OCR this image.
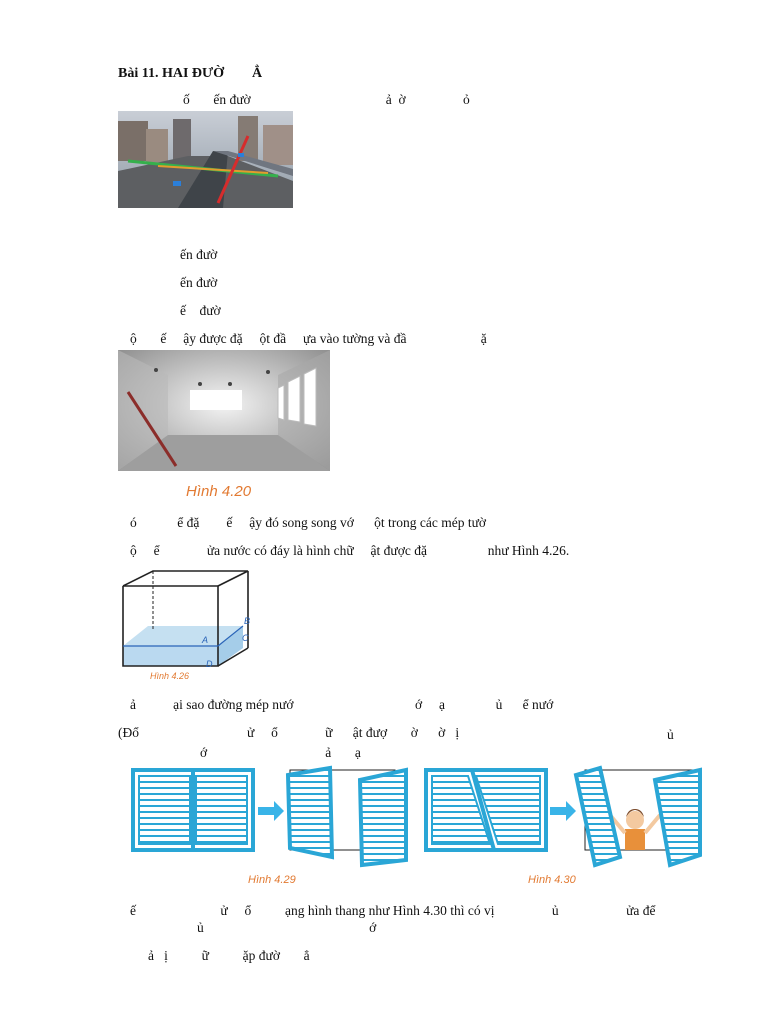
Bài 11. HAI ĐƯỜ        Ẳ
ố       ến đườ                                        ả  ờ                 ỏ
ến đườ
ến đườ
ế    đườ
ộ       ế     ậy được đặ     ột đầ     ựa vào tường và đầ                      ặ
Hình 4.20
ó            ể đặ        ế     ậy đó song song vớ      ột trong các mép tườ
ộ     ể              ửa nước có đáy là hình chữ     ật được đặ                  như Hình 4.26.
B
C
A
D
Hình 4.26
ả           ại sao đường mép nướ                                    ớ     ạ               ủ      ể nướ
(Đổ                                ử     ổ              ữ      ật đượ       ờ      ờ   ị	ủ
ớ                                   ả       ạ
Hình 4.29	Hình 4.30
ế                         ử     ổ          ạng hình thang như Hình 4.30 thì có vị                 ủ                    ửa để
ủ                                                 ớ
ả   ị          ữ          ặp đườ       ẳ
